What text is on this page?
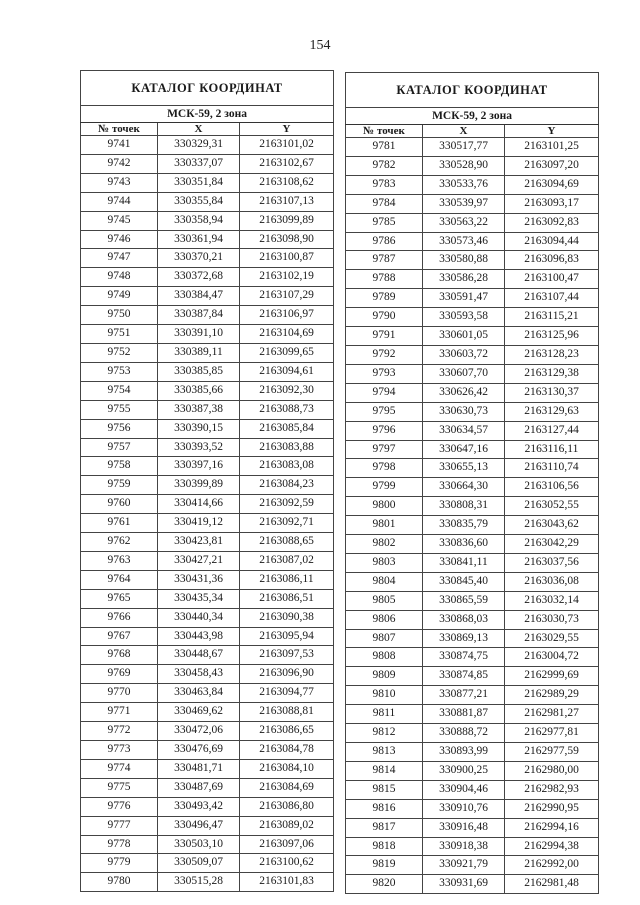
154
КАТАЛОГ КООРДИНАТ		
МСК-59, 2 зона		
№ точек	X	Y
9741	330329,31	2163101,02
9742	330337,07	2163102,67
9743	330351,84	2163108,62
9744	330355,84	2163107,13
9745	330358,94	2163099,89
9746	330361,94	2163098,90
9747	330370,21	2163100,87
9748	330372,68	2163102,19
9749	330384,47	2163107,29
9750	330387,84	2163106,97
9751	330391,10	2163104,69
9752	330389,11	2163099,65
9753	330385,85	2163094,61
9754	330385,66	2163092,30
9755	330387,38	2163088,73
9756	330390,15	2163085,84
9757	330393,52	2163083,88
9758	330397,16	2163083,08
9759	330399,89	2163084,23
9760	330414,66	2163092,59
9761	330419,12	2163092,71
9762	330423,81	2163088,65
9763	330427,21	2163087,02
9764	330431,36	2163086,11
9765	330435,34	2163086,51
9766	330440,34	2163090,38
9767	330443,98	2163095,94
9768	330448,67	2163097,53
9769	330458,43	2163096,90
9770	330463,84	2163094,77
9771	330469,62	2163088,81
9772	330472,06	2163086,65
9773	330476,69	2163084,78
9774	330481,71	2163084,10
9775	330487,69	2163084,69
9776	330493,42	2163086,80
9777	330496,47	2163089,02
9778	330503,10	2163097,06
9779	330509,07	2163100,62
9780	330515,28	2163101,83
КАТАЛОГ КООРДИНАТ		
МСК-59, 2 зона		
№ точек	X	Y
9781	330517,77	2163101,25
9782	330528,90	2163097,20
9783	330533,76	2163094,69
9784	330539,97	2163093,17
9785	330563,22	2163092,83
9786	330573,46	2163094,44
9787	330580,88	2163096,83
9788	330586,28	2163100,47
9789	330591,47	2163107,44
9790	330593,58	2163115,21
9791	330601,05	2163125,96
9792	330603,72	2163128,23
9793	330607,70	2163129,38
9794	330626,42	2163130,37
9795	330630,73	2163129,63
9796	330634,57	2163127,44
9797	330647,16	2163116,11
9798	330655,13	2163110,74
9799	330664,30	2163106,56
9800	330808,31	2163052,55
9801	330835,79	2163043,62
9802	330836,60	2163042,29
9803	330841,11	2163037,56
9804	330845,40	2163036,08
9805	330865,59	2163032,14
9806	330868,03	2163030,73
9807	330869,13	2163029,55
9808	330874,75	2163004,72
9809	330874,85	2162999,69
9810	330877,21	2162989,29
9811	330881,87	2162981,27
9812	330888,72	2162977,81
9813	330893,99	2162977,59
9814	330900,25	2162980,00
9815	330904,46	2162982,93
9816	330910,76	2162990,95
9817	330916,48	2162994,16
9818	330918,38	2162994,38
9819	330921,79	2162992,00
9820	330931,69	2162981,48
